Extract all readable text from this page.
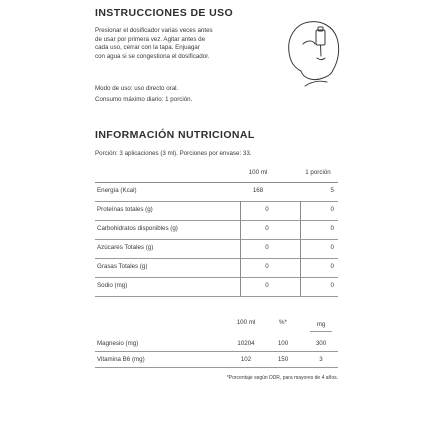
INSTRUCCIONES DE USO
Presionar el dosificador varias veces antes
de usar por primera vez. Agitar antes de
cada uso, cerrar con la tapa. Enjuagar
con agua si se congestiona el dosificador.
Modo de uso: uso directo oral.
Consumo máximo diario: 1 porción.
INFORMACIÓN NUTRICIONAL
Porción: 3 aplicaciones (3 ml). Porciones por envase: 33.
100 ml	1 porción
Energía (Kcal)	168	5
Proteínas totales (g)	0	0
Carbohidratos disponibles (g)	0	0
Azúcares Totales (g)	0	0
Grasas Totales (g)	0	0
Sodio (mg)	0	0
100 ml	%*	mg
Magnesio (mg)	10204	100	300
Vitamina B6 (mg)	102	150	3
*Porcentaje según DDR, para mayores de 4 años.
